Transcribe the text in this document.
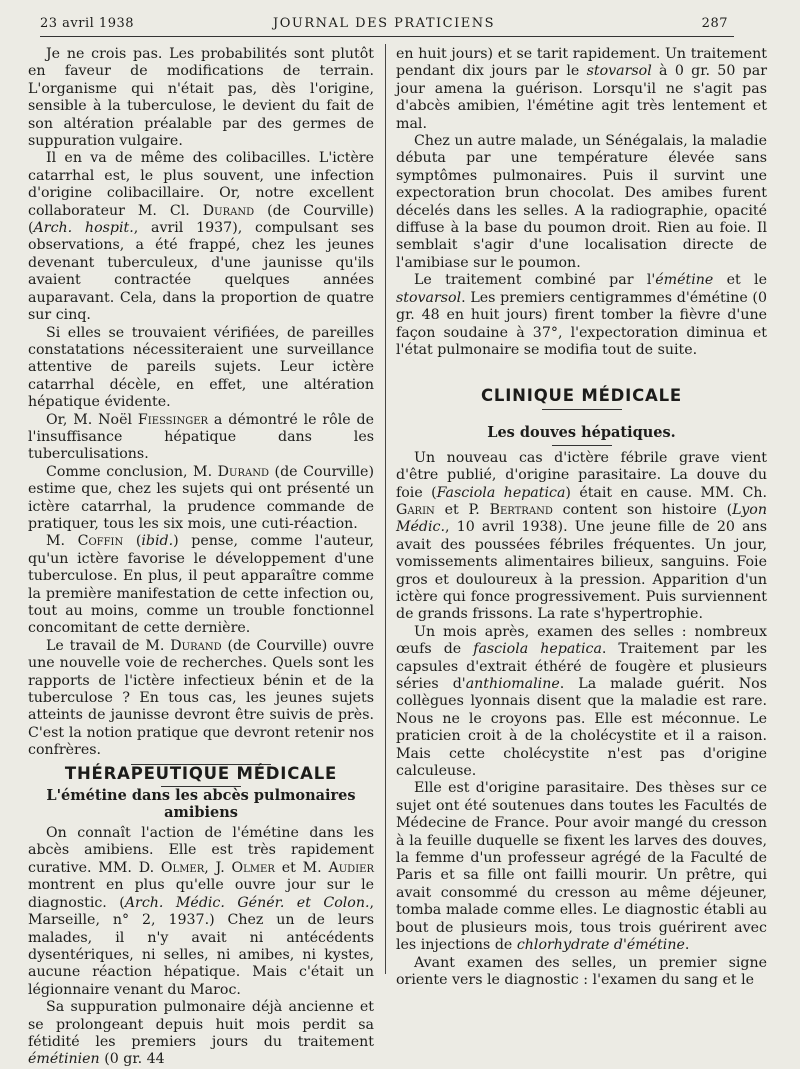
23 avril 1938	JOURNAL DES PRATICIENS	287

Je ne crois pas. Les probabilités sont plutôt en faveur de modifications de terrain. L'organisme qui n'était pas, dès l'origine, sensible à la tuberculose, le devient du fait de son altération préalable par des germes de suppuration vulgaire.

Il en va de même des colibacilles. L'ictère catarrhal est, le plus souvent, une infection d'origine colibacillaire. Or, notre excellent collaborateur M. Cl. Durand (de Courville) (Arch. hospit., avril 1937), compulsant ses observations, a été frappé, chez les jeunes devenant tuberculeux, d'une jaunisse qu'ils avaient contractée quelques années auparavant. Cela, dans la proportion de quatre sur cinq.

Si elles se trouvaient vérifiées, de pareilles constatations nécessiteraient une surveillance attentive de pareils sujets. Leur ictère catarrhal décèle, en effet, une altération hépatique évidente.

Or, M. Noël Fiessinger a démontré le rôle de l'insuffisance hépatique dans les tuberculisations.

Comme conclusion, M. Durand (de Courville) estime que, chez les sujets qui ont présenté un ictère catarrhal, la prudence commande de pratiquer, tous les six mois, une cuti-réaction.

M. Coffin (ibid.) pense, comme l'auteur, qu'un ictère favorise le développement d'une tuberculose. En plus, il peut apparaître comme la première manifestation de cette infection ou, tout au moins, comme un trouble fonctionnel concomitant de cette dernière.

Le travail de M. Durand (de Courville) ouvre une nouvelle voie de recherches. Quels sont les rapports de l'ictère infectieux bénin et de la tuberculose ? En tous cas, les jeunes sujets atteints de jaunisse devront être suivis de près. C'est la notion pratique que devront retenir nos confrères.

THÉRAPEUTIQUE MÉDICALE
L'émétine dans les abcès pulmonaires
amibiens

On connaît l'action de l'émétine dans les abcès amibiens. Elle est très rapidement curative. MM. D. Olmer, J. Olmer et M. Audier montrent en plus qu'elle ouvre jour sur le diagnostic. (Arch. Médic. Génér. et Colon., Marseille, n° 2, 1937.) Chez un de leurs malades, il n'y avait ni antécédents dysentériques, ni selles, ni amibes, ni kystes, aucune réaction hépatique. Mais c'était un légionnaire venant du Maroc.

Sa suppuration pulmonaire déjà ancienne et se prolongeant depuis huit mois perdit sa fétidité les premiers jours du traitement émétinien (0 gr. 44

en huit jours) et se tarit rapidement. Un traitement pendant dix jours par le stovarsol à 0 gr. 50 par jour amena la guérison. Lorsqu'il ne s'agit pas d'abcès amibien, l'émétine agit très lentement et mal.

Chez un autre malade, un Sénégalais, la maladie débuta par une température élevée sans symptômes pulmonaires. Puis il survint une expectoration brun chocolat. Des amibes furent décelés dans les selles. A la radiographie, opacité diffuse à la base du poumon droit. Rien au foie. Il semblait s'agir d'une localisation directe de l'amibiase sur le poumon.

Le traitement combiné par l'émétine et le stovarsol. Les premiers centigrammes d'émétine (0 gr. 48 en huit jours) firent tomber la fièvre d'une façon soudaine à 37°, l'expectoration diminua et l'état pulmonaire se modifia tout de suite.

CLINIQUE MÉDICALE
Les douves hépatiques.

Un nouveau cas d'ictère fébrile grave vient d'être publié, d'origine parasitaire. La douve du foie (Fasciola hepatica) était en cause. MM. Ch. Garin et P. Bertrand content son histoire (Lyon Médic., 10 avril 1938). Une jeune fille de 20 ans avait des poussées fébriles fréquentes. Un jour, vomissements alimentaires bilieux, sanguins. Foie gros et douloureux à la pression. Apparition d'un ictère qui fonce progressivement. Puis surviennent de grands frissons. La rate s'hypertrophie.

Un mois après, examen des selles : nombreux œufs de fasciola hepatica. Traitement par les capsules d'extrait éthéré de fougère et plusieurs séries d'anthiomaline. La malade guérit. Nos collègues lyonnais disent que la maladie est rare. Nous ne le croyons pas. Elle est méconnue. Le praticien croit à de la cholécystite et il a raison. Mais cette cholécystite n'est pas d'origine calculeuse.

Elle est d'origine parasitaire. Des thèses sur ce sujet ont été soutenues dans toutes les Facultés de Médecine de France. Pour avoir mangé du cresson à la feuille duquelle se fixent les larves des douves, la femme d'un professeur agrégé de la Faculté de Paris et sa fille ont failli mourir. Un prêtre, qui avait consommé du cresson au même déjeuner, tomba malade comme elles. Le diagnostic établi au bout de plusieurs mois, tous trois guérirent avec les injections de chlorhydrate d'émétine.

Avant examen des selles, un premier signe oriente vers le diagnostic : l'examen du sang et le
